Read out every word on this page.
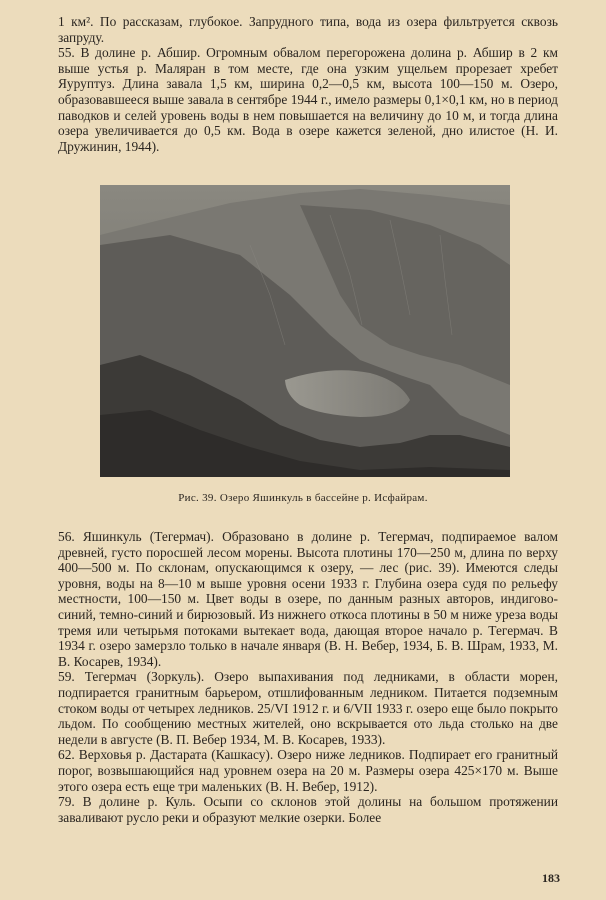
1 км². По рассказам, глубокое. Запрудного типа, вода из озера фильтруется сквозь запруду.

55. В долине р. Абшир. Огромным обвалом перегорожена долина р. Абшир в 2 км выше устья р. Маляран в том месте, где она узким ущельем прорезает хребет Яуруптуз. Длина завала 1,5 км, ширина 0,2—0,5 км, высота 100—150 м. Озеро, образовавшееся выше завала в сентябре 1944 г., имело размеры 0,1×0,1 км, но в период паводков и селей уровень воды в нем повышается на величину до 10 м, и тогда длина озера увеличивается до 0,5 км. Вода в озере кажется зеленой, дно илистое (Н. И. Дружинин, 1944).

Рис. 39. Озеро Яшинкуль в бассейне р. Исфайрам.

56. Яшинкуль (Тегермач). Образовано в долине р. Тегермач, подпираемое валом древней, густо поросшей лесом морены. Высота плотины 170—250 м, длина по верху 400—500 м. По склонам, опускающимся к озеру, — лес (рис. 39). Имеются следы уровня, воды на 8—10 м выше уровня осени 1933 г. Глубина озера судя по рельефу местности, 100—150 м. Цвет воды в озере, по данным разных авторов, индигово-синий, темно-синий и бирюзовый. Из нижнего откоса плотины в 50 м ниже уреза воды тремя или четырьмя потоками вытекает вода, дающая второе начало р. Тегермач. В 1934 г. озеро замерзло только в начале января (В. Н. Вебер, 1934, Б. В. Шрам, 1933, М. В. Косарев, 1934).

59. Тегермач (Зоркуль). Озеро выпахивания под ледниками, в области морен, подпирается гранитным барьером, отшлифованным ледником. Питается подземным стоком воды от четырех ледников. 25/VI 1912 г. и 6/VII 1933 г. озеро еще было покрыто льдом. По сообщению местных жителей, оно вскрывается ото льда столько на две недели в августе (В. П. Вебер 1934, М. В. Косарев, 1933).

62. Верховья р. Дастарата (Кашкасу). Озеро ниже ледников. Подпирает его гранитный порог, возвышающийся над уровнем озера на 20 м. Размеры озера 425×170 м. Выше этого озера есть еще три маленьких (В. Н. Вебер, 1912).

79. В долине р. Куль. Осыпи со склонов этой долины на большом протяжении заваливают русло реки и образуют мелкие озерки. Более

183
